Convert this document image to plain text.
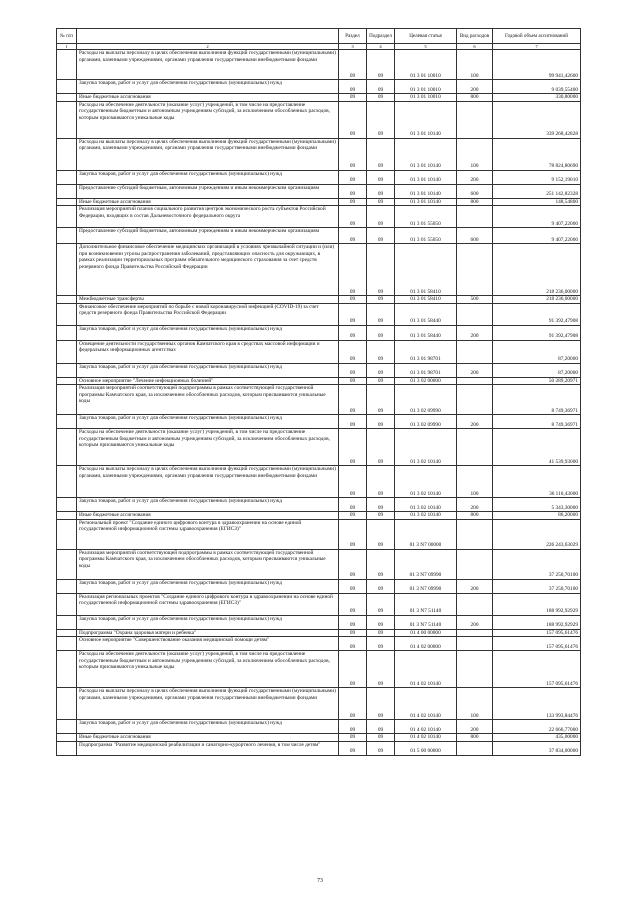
№ п/п		Раздел	Подраздел	Целевая статья	Вид расходов	Годовой объем ассигнований
1	2	3	4	5	6	7
	Расходы на выплаты персоналу в целях обеспечения выполнения функций государственными (муниципальными) органами, казенными учреждениями, органами управления государственными внебюджетными фондами	09	09	01 3 01 10010	100	99 941,42600
	Закупка товаров, работ и услуг для обеспечения государственных (муниципальных) нужд	09	09	01 3 01 10010	200	9 039,55400
	Иные бюджетные ассигнования	09	09	01 3 01 10010	800	330,80000
	Расходы на обеспечение деятельности (оказание услуг) учреждений, в том числе на предоставление государственным бюджетным и автономным учреждениям субсидий, за исключением обособленных расходов, которым присваиваются уникальные коды	09	09	01 3 01 10140		339 268,42828
	Расходы на выплаты персоналу в целях обеспечения выполнения функций государственными (муниципальными) органами, казенными учреждениями, органами управления государственными внебюджетными фондами	09	09	01 3 01 10140	100	78 824,80690
	Закупка товаров, работ и услуг для обеспечения государственных (муниципальных) нужд	09	09	01 3 01 10140	200	9 152,19010
	Предоставление субсидий бюджетным, автономным учреждениям и иным некоммерческим организациям	09	09	01 3 01 10140	600	251 142,82328
	Иные бюджетные ассигнования	09	09	01 3 01 10140	800	148,54800
	Реализация мероприятий планов социального развития центров экономического роста субъектов Российской Федерации, входящих в состав Дальневосточного федерального округа	09	09	01 3 01 55050		9 407,22000
	Предоставление субсидий бюджетным, автономным учреждениям и иным некоммерческим организациям	09	09	01 3 01 55050	600	9 407,22000
	Дополнительное финансовое обеспечение медицинских организаций в условиях чрезвычайной ситуации и (или) при возникновении угрозы распространения заболеваний, представляющих опасность для окружающих, в рамках реализации территориальных программ обязательного медицинского страхования за счет средств резервного фонда Правительства Российской Федерации	09	09	01 3 01 58410		218 236,00000
	Межбюджетные трансферты	09	09	01 3 01 58410	500	218 236,00000
	Финансовое обеспечение мероприятий по борьбе с новой коронавирусной инфекцией (COVID-19) за счет средств резервного фонда Правительства Российской Федерации	09	09	01 3 01 58440		91 392,47908
	Закупка товаров, работ и услуг для обеспечения государственных (муниципальных) нужд	09	09	01 3 01 58440	200	91 392,47908
	Освещение деятельности государственных органов Камчатского края в средствах массовой информации и федеральных информационных агентствах	09	09	01 3 01 98701		87,20000
	Закупка товаров, работ и услуг для обеспечения государственных (муниципальных) нужд	09	09	01 3 01 98701	200	87,20000
	Основное мероприятие "Лечение инфекционных болезней"	09	09	01 3 02 00000		50 289,20971
	Реализация мероприятий соответствующей подпрограммы в рамках соответствующей государственной программы Камчатского края, за исключением обособленных расходов, которым присваиваются уникальные коды	09	09	01 3 02 09990		8 749,36971
	Закупка товаров, работ и услуг для обеспечения государственных (муниципальных) нужд	09	09	01 3 02 09990	200	8 749,36971
	Расходы на обеспечение деятельности (оказание услуг) учреждений, в том числе на предоставление государственным бюджетным и автономным учреждениям субсидий, за исключением обособленных расходов, которым присваиваются уникальные коды	09	09	01 3 02 10140		41 539,93000
	Расходы на выплаты персоналу в целях обеспечения выполнения функций государственными (муниципальными) органами, казенными учреждениями, органами управления государственными внебюджетными фондами	09	09	01 3 02 10140	100	36 110,43000
	Закупка товаров, работ и услуг для обеспечения государственных (муниципальных) нужд	09	09	01 3 02 10140	200	5 343,30000
	Иные бюджетные ассигнования	09	09	01 3 02 10140	800	86,20000
	Региональный проект "Создание единого цифрового контура в здравоохранении на основе единой государственной информационной системы здравоохранения (ЕГИСЗ)"	09	09	01 3 N7 00000		226 243,63029
	Реализация мероприятий соответствующей подпрограммы в рамках соответствующей государственной программы Камчатского края, за исключением обособленных расходов, которым присваиваются уникальные коды	09	09	01 3 N7 09990		37 250,70100
	Закупка товаров, работ и услуг для обеспечения государственных (муниципальных) нужд	09	09	01 3 N7 09990	200	37 250,70100
	Реализация региональных проектов "Создание единого цифрового контура в здравоохранении на основе единой государственной информационной системы здравоохранения (ЕГИСЗ)"	09	09	01 3 N7 51140		188 992,92929
	Закупка товаров, работ и услуг для обеспечения государственных (муниципальных) нужд	09	09	01 3 N7 51140	200	188 992,92929
	Подпрограмма "Охрана здоровья матери и ребенка"	09	09	01 4 00 00000		157 095,61476
	Основное мероприятие "Совершенствование оказания медицинской помощи детям"	09	09	01 4 02 00000		157 095,61476
	Расходы на обеспечение деятельности (оказание услуг) учреждений, в том числе на предоставление государственным бюджетным и автономным учреждениям субсидий, за исключением обособленных расходов, которым присваиваются уникальные коды	09	09	01 4 02 10140		157 095,61476
	Расходы на выплаты персоналу в целях обеспечения выполнения функций государственными (муниципальными) органами, казенными учреждениями, органами управления государственными внебюджетными фондами	09	09	01 4 02 10140	100	133 993,84476
	Закупка товаров, работ и услуг для обеспечения государственных (муниципальных) нужд	09	09	01 4 02 10140	200	22 666,77000
	Иные бюджетные ассигнования	09	09	01 4 02 10140	800	435,00000
	Подпрограмма "Развитие медицинской реабилитации и санаторно-курортного лечения, в том числе детям"	09	09	01 5 00 00000		37 834,00000
73
